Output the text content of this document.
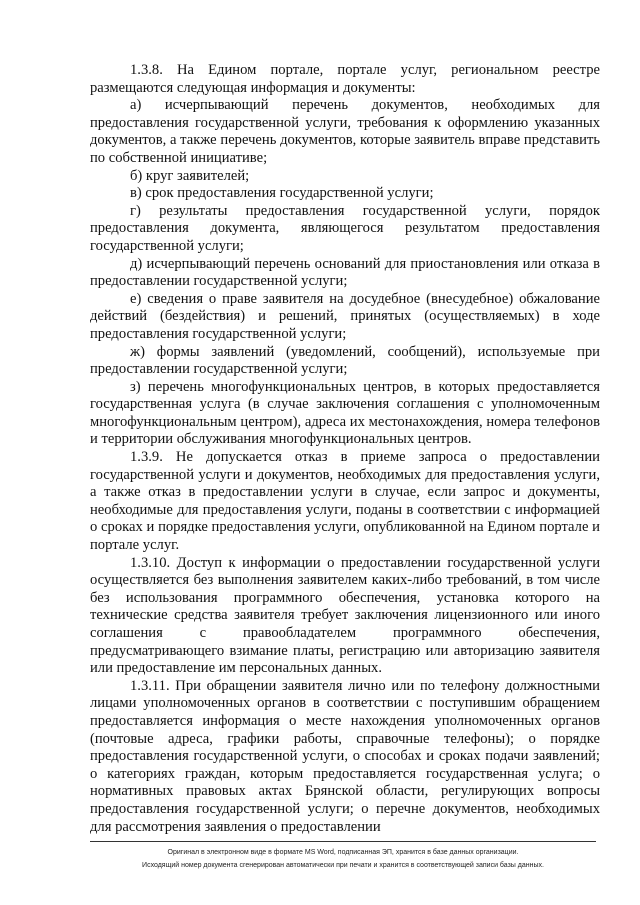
1.3.8. На Едином портале, портале услуг, региональном реестре размещаются следующая информация и документы:

а) исчерпывающий перечень документов, необходимых для предоставления государственной услуги, требования к оформлению указанных документов, а также перечень документов, которые заявитель вправе представить по собственной инициативе;

б) круг заявителей;

в) срок предоставления государственной услуги;

г) результаты предоставления государственной услуги, порядок предоставления документа, являющегося результатом предоставления государственной услуги;

д) исчерпывающий перечень оснований для приостановления или отказа в предоставлении государственной услуги;

е) сведения о праве заявителя на досудебное (внесудебное) обжалование действий (бездействия) и решений, принятых (осуществляемых) в ходе предоставления государственной услуги;

ж) формы заявлений (уведомлений, сообщений), используемые при предоставлении государственной услуги;

з) перечень многофункциональных центров, в которых предоставляется государственная услуга (в случае заключения соглашения с уполномоченным многофункциональным центром), адреса их местонахождения, номера телефонов и территории обслуживания многофункциональных центров.

1.3.9. Не допускается отказ в приеме запроса о предоставлении государственной услуги и документов, необходимых для предоставления услуги, а также отказ в предоставлении услуги в случае, если запрос и документы, необходимые для предоставления услуги, поданы в соответствии с информацией о сроках и порядке предоставления услуги, опубликованной на Едином портале и портале услуг.

1.3.10. Доступ к информации о предоставлении государственной услуги осуществляется без выполнения заявителем каких-либо требований, в том числе без использования программного обеспечения, установка которого на технические средства заявителя требует заключения лицензионного или иного соглашения с правообладателем программного обеспечения, предусматривающего взимание платы, регистрацию или авторизацию заявителя или предоставление им персональных данных.

1.3.11. При обращении заявителя лично или по телефону должностными лицами уполномоченных органов в соответствии с поступившим обращением предоставляется информация о месте нахождения уполномоченных органов (почтовые адреса, графики работы, справочные телефоны); о порядке предоставления государственной услуги, о способах и сроках подачи заявлений; о категориях граждан, которым предоставляется государственная услуга; о нормативных правовых актах Брянской области, регулирующих вопросы предоставления государственной услуги; о перечне документов, необходимых для рассмотрения заявления о предоставлении

Оригинал в электронном виде в формате MS Word, подписанная ЭП, хранится в базе данных организации.
Исходящий номер документа сгенерирован автоматически при печати и хранится в соответствующей записи базы данных.
